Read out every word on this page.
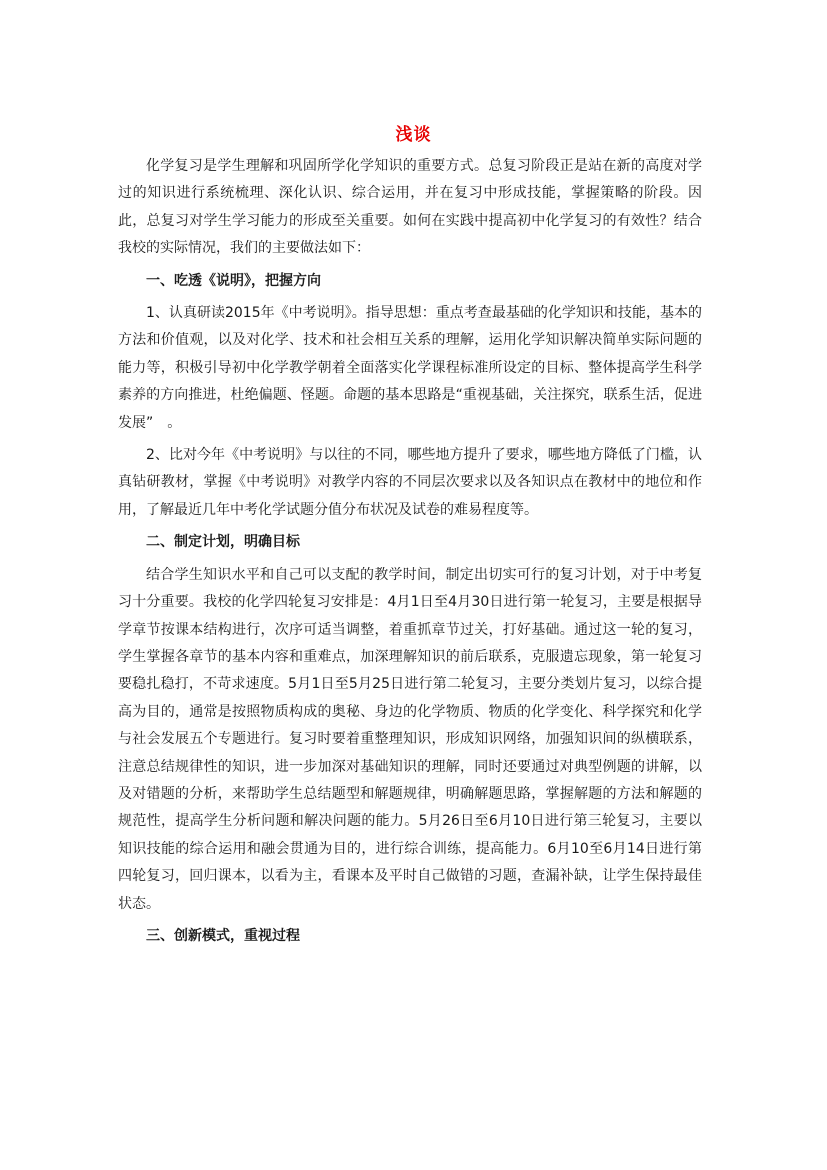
浅谈

化学复习是学生理解和巩固所学化学知识的重要方式。总复习阶段正是站在新的高度对学过的知识进行系统梳理、深化认识、综合运用，并在复习中形成技能，掌握策略的阶段。因此，总复习对学生学习能力的形成至关重要。如何在实践中提高初中化学复习的有效性？结合我校的实际情况，我们的主要做法如下：

一、吃透《说明》，把握方向

1、认真研读2015年《中考说明》。指导思想：重点考查最基础的化学知识和技能，基本的方法和价值观，以及对化学、技术和社会相互关系的理解，运用化学知识解决简单实际问题的能力等，积极引导初中化学教学朝着全面落实化学课程标准所设定的目标、整体提高学生科学素养的方向推进，杜绝偏题、怪题。命题的基本思路是“重视基础，关注探究，联系生活，促进发展”　。

2、比对今年《中考说明》与以往的不同，哪些地方提升了要求，哪些地方降低了门槛，认真钻研教材，掌握《中考说明》对教学内容的不同层次要求以及各知识点在教材中的地位和作用，了解最近几年中考化学试题分值分布状况及试卷的难易程度等。

二、制定计划，明确目标

结合学生知识水平和自己可以支配的教学时间，制定出切实可行的复习计划，对于中考复习十分重要。我校的化学四轮复习安排是：4月1日至4月30日进行第一轮复习，主要是根据导学章节按课本结构进行，次序可适当调整，着重抓章节过关，打好基础。通过这一轮的复习，学生掌握各章节的基本内容和重难点，加深理解知识的前后联系，克服遗忘现象，第一轮复习要稳扎稳打，不苛求速度。5月1日至5月25日进行第二轮复习，主要分类划片复习，以综合提高为目的，通常是按照物质构成的奥秘、身边的化学物质、物质的化学变化、科学探究和化学与社会发展五个专题进行。复习时要着重整理知识，形成知识网络，加强知识间的纵横联系，注意总结规律性的知识，进一步加深对基础知识的理解，同时还要通过对典型例题的讲解，以及对错题的分析，来帮助学生总结题型和解题规律，明确解题思路，掌握解题的方法和解题的规范性，提高学生分析问题和解决问题的能力。5月26日至6月10日进行第三轮复习，主要以知识技能的综合运用和融会贯通为目的，进行综合训练，提高能力。6月10至6月14日进行第四轮复习，回归课本，以看为主，看课本及平时自己做错的习题，查漏补缺，让学生保持最佳状态。

三、创新模式，重视过程
